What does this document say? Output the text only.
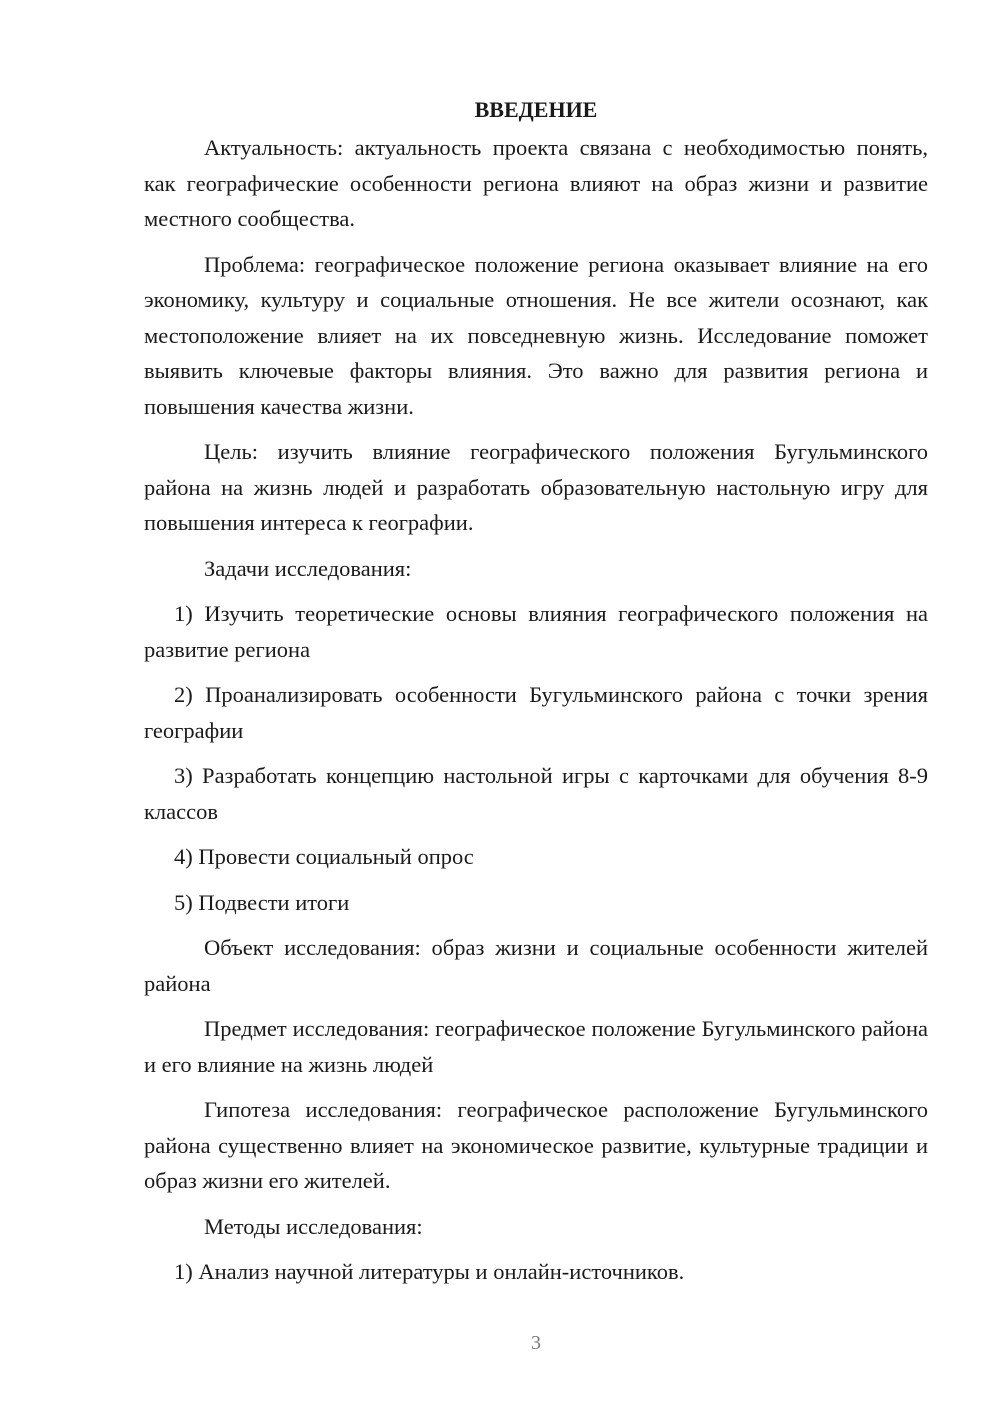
ВВЕДЕНИЕ

Актуальность: актуальность проекта связана с необходимостью понять, как географические особенности региона влияют на образ жизни и развитие местного сообщества.

Проблема: географическое положение региона оказывает влияние на его экономику, культуру и социальные отношения. Не все жители осознают, как местоположение влияет на их повседневную жизнь. Исследование поможет выявить ключевые факторы влияния. Это важно для развития региона и повышения качества жизни.

Цель: изучить влияние географического положения Бугульминского района на жизнь людей и разработать образовательную настольную игру для повышения интереса к географии.

Задачи исследования:

1) Изучить теоретические основы влияния географического положения на развитие региона

2) Проанализировать особенности Бугульминского района с точки зрения географии

3) Разработать концепцию настольной игры с карточками для обучения 8-9 классов

4) Провести социальный опрос

5) Подвести итоги

Объект исследования: образ жизни и социальные особенности жителей района

Предмет исследования: географическое положение Бугульминского района и его влияние на жизнь людей

Гипотеза исследования: географическое расположение Бугульминского района существенно влияет на экономическое развитие, культурные традиции и образ жизни его жителей.

Методы исследования:

1) Анализ научной литературы и онлайн-источников.

3
